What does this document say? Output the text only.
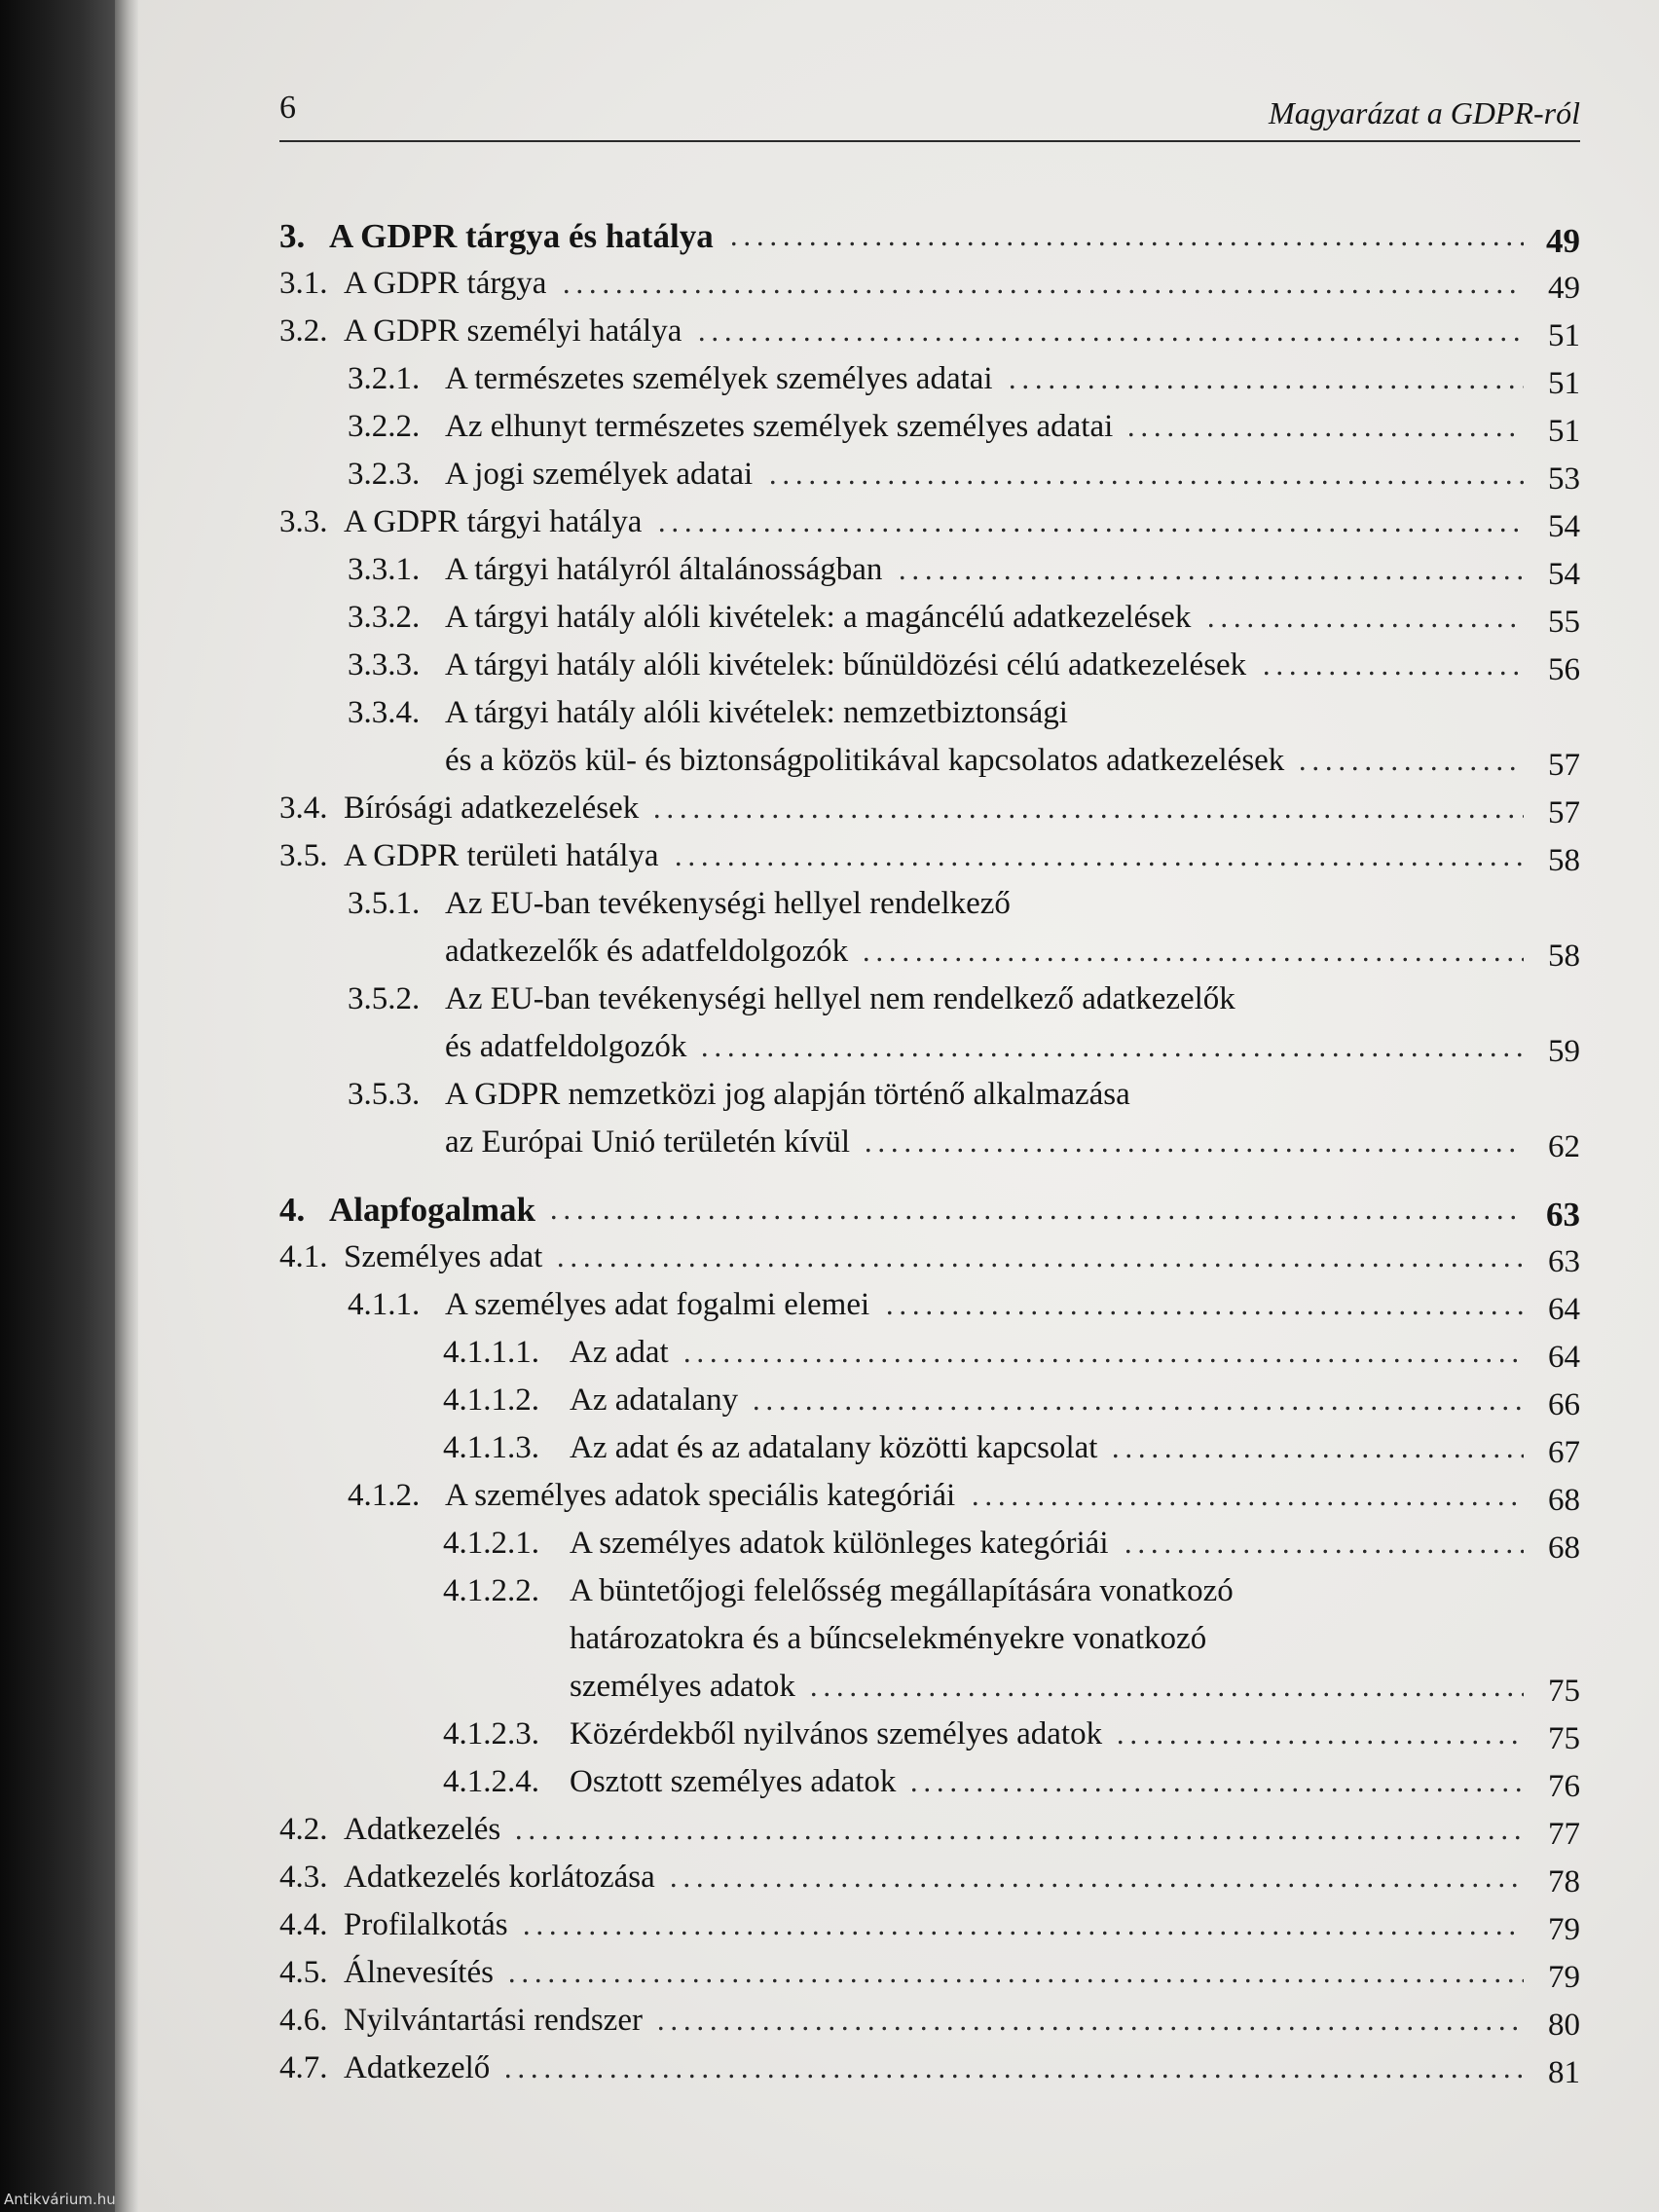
6	Magyarázat a GDPR-ról
3. A GDPR tárgya és hatálya	49
3.1. A GDPR tárgya	49
3.2. A GDPR személyi hatálya	51
3.2.1. A természetes személyek személyes adatai	51
3.2.2. Az elhunyt természetes személyek személyes adatai	51
3.2.3. A jogi személyek adatai	53
3.3. A GDPR tárgyi hatálya	54
3.3.1. A tárgyi hatályról általánosságban	54
3.3.2. A tárgyi hatály alóli kivételek: a magáncélú adatkezelések	55
3.3.3. A tárgyi hatály alóli kivételek: bűnüldözési célú adatkezelések	56
3.3.4. A tárgyi hatály alóli kivételek: nemzetbiztonsági
és a közös kül- és biztonságpolitikával kapcsolatos adatkezelések	57
3.4. Bírósági adatkezelések	57
3.5. A GDPR területi hatálya	58
3.5.1. Az EU-ban tevékenységi hellyel rendelkező
adatkezelők és adatfeldolgozók	58
3.5.2. Az EU-ban tevékenységi hellyel nem rendelkező adatkezelők
és adatfeldolgozók	59
3.5.3. A GDPR nemzetközi jog alapján történő alkalmazása
az Európai Unió területén kívül	62
4. Alapfogalmak	63
4.1. Személyes adat	63
4.1.1. A személyes adat fogalmi elemei	64
4.1.1.1. Az adat	64
4.1.1.2. Az adatalany	66
4.1.1.3. Az adat és az adatalany közötti kapcsolat	67
4.1.2. A személyes adatok speciális kategóriái	68
4.1.2.1. A személyes adatok különleges kategóriái	68
4.1.2.2. A büntetőjogi felelősség megállapítására vonatkozó
határozatokra és a bűncselekményekre vonatkozó
személyes adatok	75
4.1.2.3. Közérdekből nyilvános személyes adatok	75
4.1.2.4. Osztott személyes adatok	76
4.2. Adatkezelés	77
4.3. Adatkezelés korlátozása	78
4.4. Profilalkotás	79
4.5. Álnevesítés	79
4.6. Nyilvántartási rendszer	80
4.7. Adatkezelő	81
Antikvárium.hu
